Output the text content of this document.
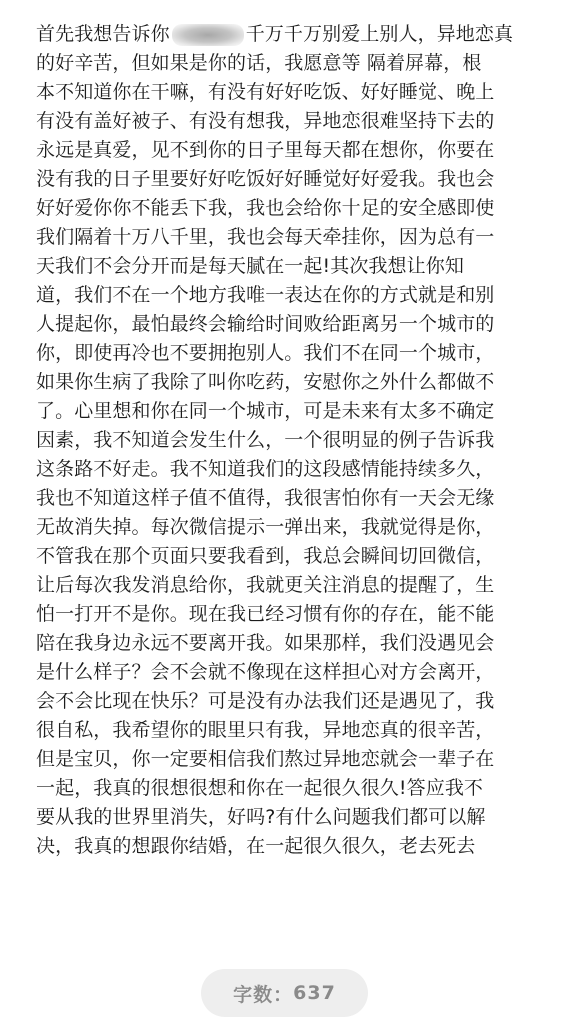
首先我想告诉你	千万千万别爱上别人，异地恋真
的好辛苦，但如果是你的话，我愿意等 隔着屏幕，根
本不知道你在干嘛，有没有好好吃饭、好好睡觉、晚上
有没有盖好被子、有没有想我，异地恋很难坚持下去的
永远是真爱，见不到你的日子里每天都在想你，你要在
没有我的日子里要好好吃饭好好睡觉好好爱我。我也会
好好爱你你不能丢下我，我也会给你十足的安全感即使
我们隔着十万八千里，我也会每天牵挂你，因为总有一
天我们不会分开而是每天腻在一起!其次我想让你知
道，我们不在一个地方我唯一表达在你的方式就是和别
人提起你，最怕最终会输给时间败给距离另一个城市的
你，即使再冷也不要拥抱别人。我们不在同一个城市，
如果你生病了我除了叫你吃药，安慰你之外什么都做不
了。心里想和你在同一个城市，可是未来有太多不确定
因素，我不知道会发生什么，一个很明显的例子告诉我
这条路不好走。我不知道我们的这段感情能持续多久，
我也不知道这样子值不值得，我很害怕你有一天会无缘
无故消失掉。每次微信提示一弹出来，我就觉得是你，
不管我在那个页面只要我看到，我总会瞬间切回微信，
让后每次我发消息给你，我就更关注消息的提醒了，生
怕一打开不是你。现在我已经习惯有你的存在，能不能
陪在我身边永远不要离开我。如果那样，我们没遇见会
是什么样子？会不会就不像现在这样担心对方会离开，
会不会比现在快乐？可是没有办法我们还是遇见了，我
很自私，我希望你的眼里只有我，异地恋真的很辛苦，
但是宝贝，你一定要相信我们熬过异地恋就会一辈子在
一起，我真的很想很想和你在一起很久很久!答应我不
要从我的世界里消失，好吗?有什么问题我们都可以解
决，我真的想跟你结婚，在一起很久很久，老去死去
字数： 637
